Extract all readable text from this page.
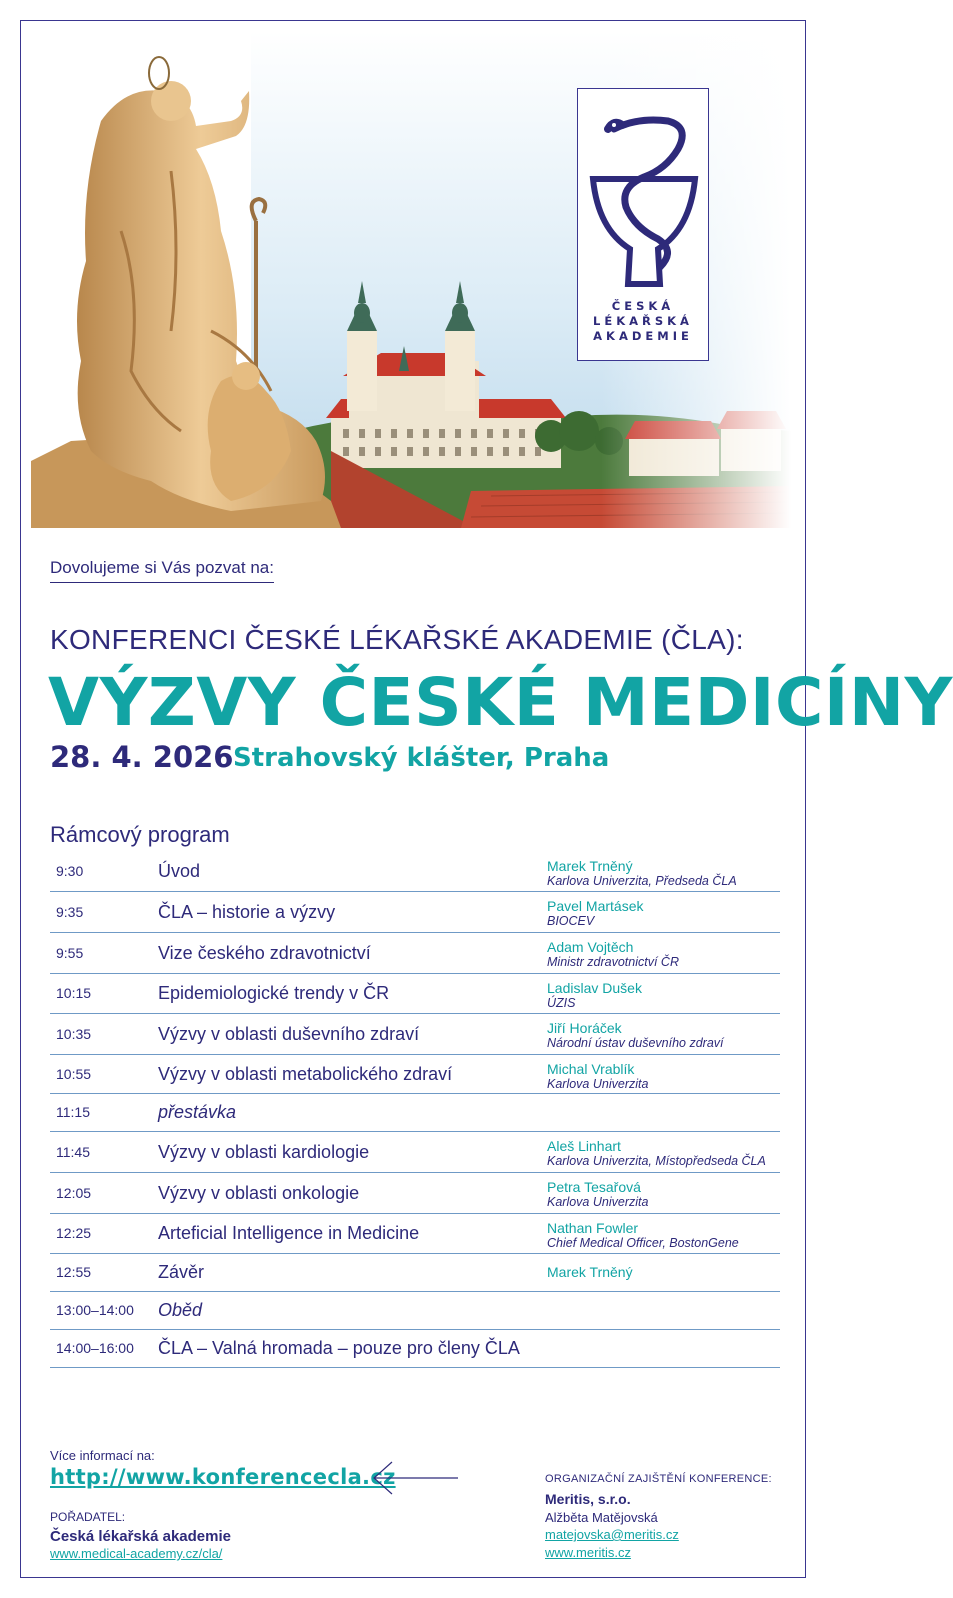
ČESKÁ
LÉKAŘSKÁ
AKADEMIE
Dovolujeme si Vás pozvat na:
KONFERENCI ČESKÉ LÉKAŘSKÉ AKADEMIE (ČLA):
VÝZVY ČESKÉ MEDICÍNY
28. 4. 2026 Strahovský klášter, Praha
Rámcový program
9:30	Úvod	Marek Trněný
Karlova Univerzita, Předseda ČLA
9:35	ČLA – historie a výzvy	Pavel Martásek
BIOCEV
9:55	Vize českého zdravotnictví	Adam Vojtěch
Ministr zdravotnictví ČR
10:15	Epidemiologické trendy v ČR	Ladislav Dušek
ÚZIS
10:35	Výzvy v oblasti duševního zdraví	Jiří Horáček
Národní ústav duševního zdraví
10:55	Výzvy v oblasti metabolického zdraví	Michal Vrablík
Karlova Univerzita
11:15	přestávka
11:45	Výzvy v oblasti kardiologie	Aleš Linhart
Karlova Univerzita, Místopředseda ČLA
12:05	Výzvy v oblasti onkologie	Petra Tesařová
Karlova Univerzita
12:25	Arteficial Intelligence in Medicine	Nathan Fowler
Chief Medical Officer, BostonGene
12:55	Závěr	Marek Trněný
13:00–14:00 Oběd
14:00–16:00 ČLA – Valná hromada – pouze pro členy ČLA
Více informací na:
http://www.konferencecla.cz
POŘADATEL:
Česká lékařská akademie
www.medical-academy.cz/cla/
ORGANIZAČNÍ ZAJIŠTĚNÍ KONFERENCE:
Meritis, s.r.o.
Alžběta Matějovská
matejovska@meritis.cz
www.meritis.cz
